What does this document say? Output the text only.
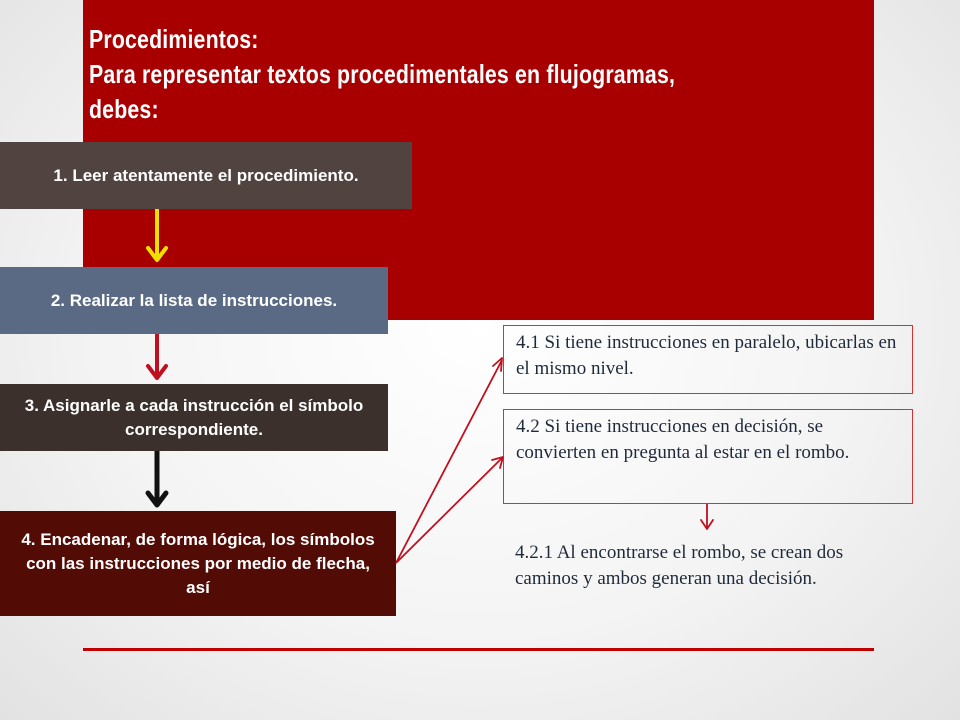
Procedimientos:
Para representar textos procedimentales en flujogramas,
debes:
1. Leer atentamente el procedimiento.
2. Realizar la lista de instrucciones.
3. Asignarle a cada instrucción el símbolo correspondiente.
4. Encadenar, de forma lógica, los símbolos con las instrucciones por medio de flecha, así
4.1 Si tiene instrucciones en paralelo, ubicarlas en el mismo nivel.
4.2 Si tiene instrucciones en decisión, se convierten en pregunta al estar en el rombo.
4.2.1 Al encontrarse el rombo, se crean dos caminos y ambos generan una decisión.
